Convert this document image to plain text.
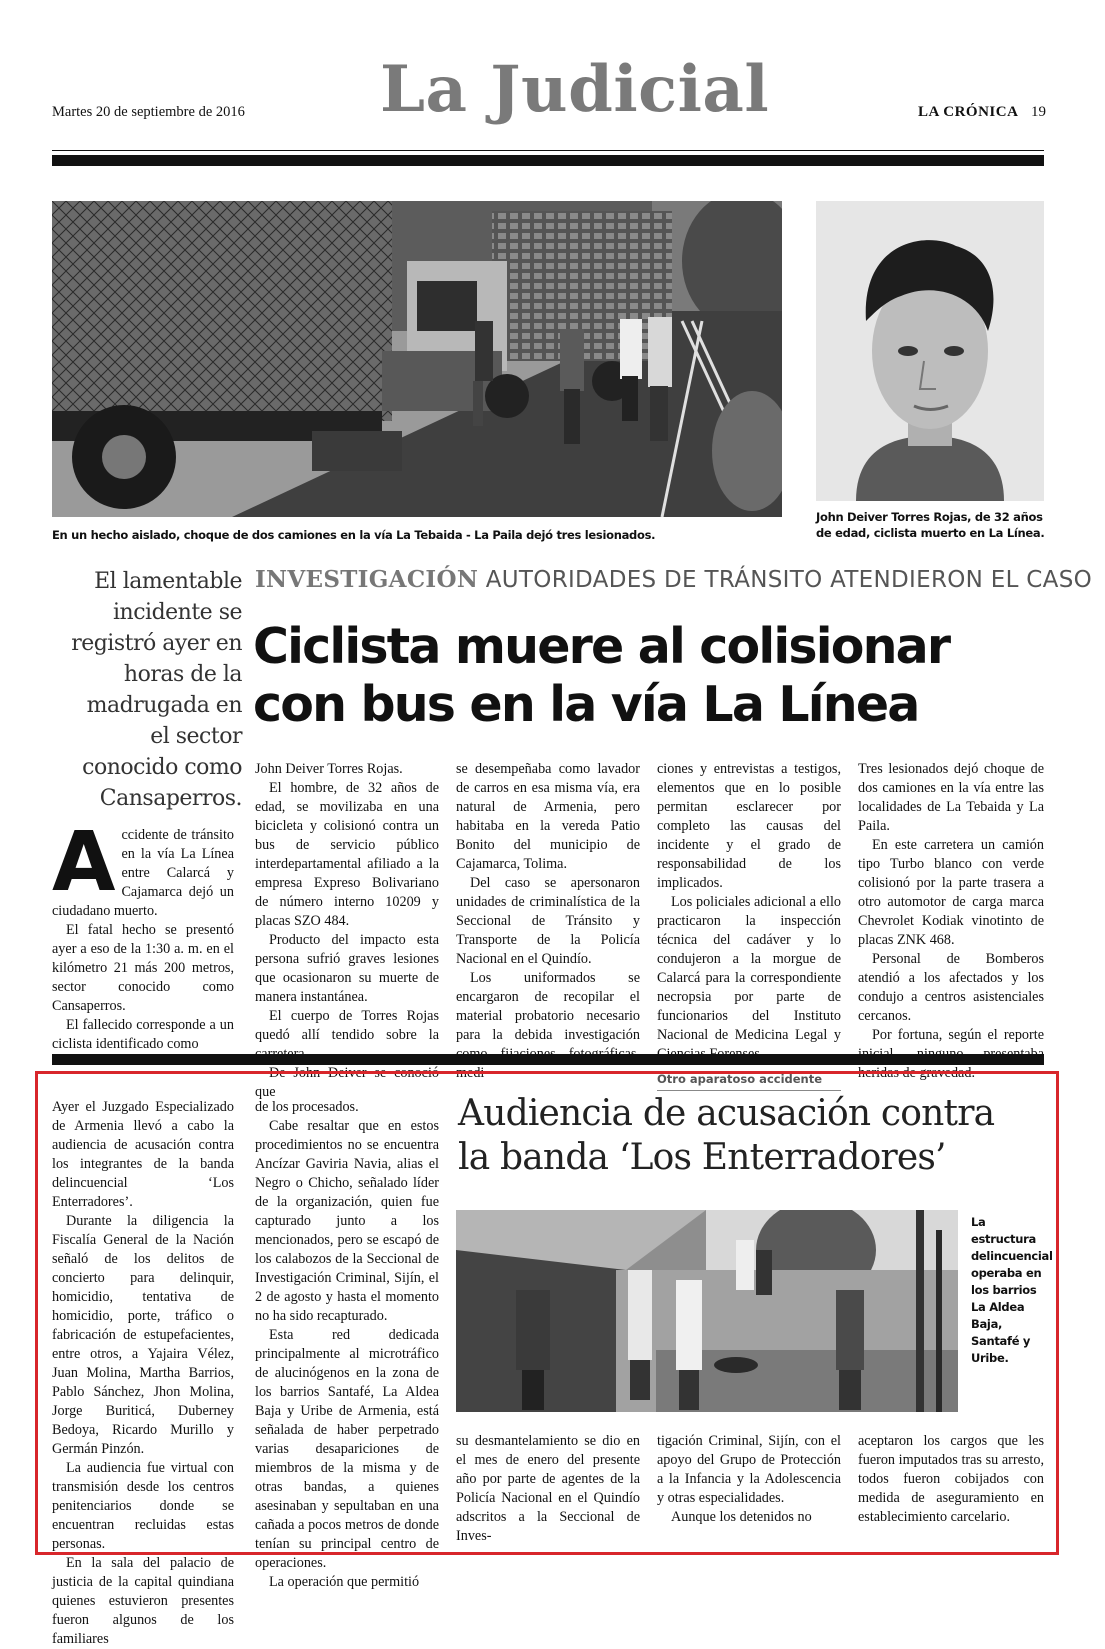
Martes 20 de septiembre de 2016 La Judicial	LA CRÓNICA 19
En un hecho aislado, choque de dos camiones en la vía La Tebaida - La Paila dejó tres lesionados.
John Deiver Torres Rojas, de 32 años de edad, ciclista muerto en La Línea.
El lamentable incidente se registró ayer en horas de la madrugada en el sector conocido como Cansaperros.
INVESTIGACIÓN AUTORIDADES DE TRÁNSITO ATENDIERON EL CASO
Ciclista muere al colisionar
con bus en la vía La Línea
A ccidente de tránsito en la vía La Línea entre Calarcá y Cajamarca dejó un ciudadano muerto.

El fatal hecho se presentó ayer a eso de la 1:30 a. m. en el kilómetro 21 más 200 metros, sector conocido como Cansaperros.

El fallecido corresponde a un ciclista identificado como

John Deiver Torres Rojas.

El hombre, de 32 años de edad, se movilizaba en una bicicleta y colisionó contra un bus de servicio público interdepartamental afiliado a la empresa Expreso Bolivariano de número interno 10209 y placas SZO 484.

Producto del impacto esta persona sufrió graves lesiones que ocasionaron su muerte de manera instantánea.

El cuerpo de Torres Rojas quedó allí tendido sobre la

De John Deiver se conoció que

se desempeñaba como lavador de carros en esa misma vía, era natural de Armenia, pero habitaba en la vereda Patio Bonito del municipio de Cajamarca, Tolima.

Del caso se apersonaron unidades de criminalística de la Seccional de Tránsito y Transporte de la Policía Nacional en el Quindío.

Los uniformados se encargaron de recopilar el material probatorio necesario para la debida investigación medi-

ciones y entrevistas a testigos, elementos que en lo posible permitan esclarecer por completo las causas del incidente y el grado de responsabilidad de los implicados.

Los policiales adicional a ello practicaron la inspección técnica del cadáver y lo condujeron a la morgue de Calarcá para la correspondiente necropsia por parte de funcionarios del Instituto Nacional de Medicina Legal y

Otro aparatoso accidente

Tres lesionados dejó choque de dos camiones en la vía entre las localidades de La Tebaida y La Paila.

En este carretera un camión tipo Turbo blanco con verde colisionó por la parte trasera a otro automotor de carga marca Chevrolet Kodiak vinotinto de placas ZNK 468.

Personal de Bomberos atendió a los afectados y los condujo a centros asistenciales cercanos.

Por fortuna, según el reporte heridas de gravedad.

Ayer el Juzgado Especializado de Armenia llevó a cabo la audiencia de acusación contra los integrantes de la banda delincuencial ‘Los Enterradores’.

Durante la diligencia la Fiscalía General de la Nación señaló de los delitos de concierto para delinquir, homicidio, tentativa de homicidio, porte, tráfico o fabricación de estupefacientes, entre otros, a Yajaira Vélez, Juan Molina, Martha Barrios, Pablo Sánchez, Jhon Molina, Jorge Buriticá, Duberney Bedoya, Ricardo Murillo y Germán Pinzón.

La audiencia fue virtual con transmisión desde los centros penitenciarios donde se encuentran recluidas estas personas.

En la sala del palacio de justicia de la capital quindiana quienes estuvieron presentes fueron algunos de los familiares

de los procesados.

Cabe resaltar que en estos procedimientos no se encuentra Ancízar Gaviria Navia, alias el Negro o Chicho, señalado líder de la organización, quien fue capturado junto a los mencionados, pero se escapó de los calabozos de la Seccional de Investigación Criminal, Sijín, el 2 de agosto y hasta el momento no ha sido recapturado.

Esta red dedicada principalmente al microtráfico de alucinógenos en la zona de los barrios Santafé, La Aldea Baja y Uribe de Armenia, está señalada de haber perpetrado varias desapariciones de miembros de la misma y de otras bandas, a quienes asesinaban y sepultaban en una cañada a pocos metros de donde tenían su principal centro de operaciones.

La operación que permitió

Audiencia de acusación contra
la banda ‘Los Enterradores’
La estructura delincuencial operaba en los barrios La Aldea Baja, Santafé y Uribe.

su desmantelamiento se dio en el mes de enero del presente año por parte de agentes de la Policía Nacional en el Quindío adscritos a la Seccional de Inves-

tigación Criminal, Sijín, con el apoyo del Grupo de Protección a la Infancia y la Adolescencia y otras especialidades.

Aunque los detenidos no

aceptaron los cargos que les fueron imputados tras su arresto, todos fueron cobijados con medida de aseguramiento en establecimiento carcelario.
